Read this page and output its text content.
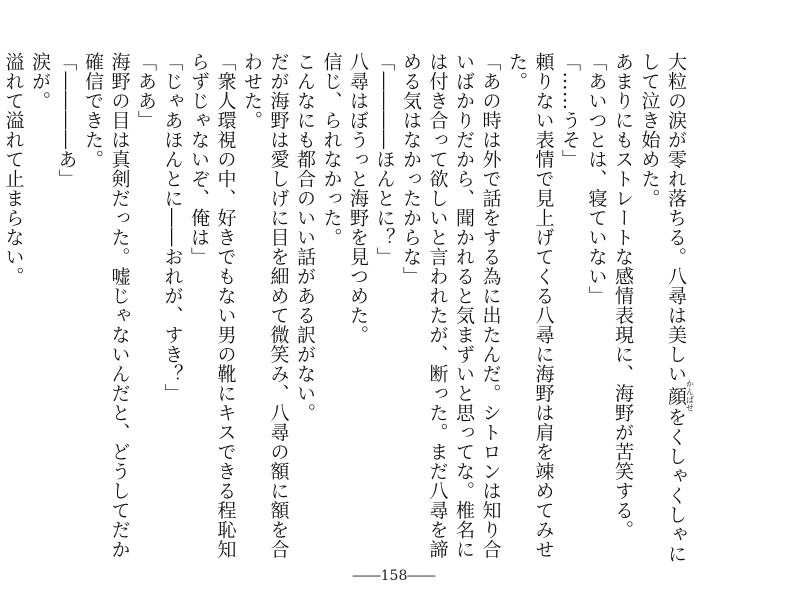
大粒の涙が零れ落ちる。八尋は美しい顔かんばせをくしゃくしゃにして泣き始めた。

あまりにもストレートな感情表現に、海野が苦笑する。

「あいつとは、寝ていない」

「……うそ」

頼りない表情で見上げてくる八尋に海野は肩を竦めてみせた。

「あの時は外で話をする為に出たんだ。シトロンは知り合いばかりだから、聞かれると気まずいと思ってな。椎名には付き合って欲しいと言われたが、断った。まだ八尋を諦める気はなかったからな」

「――――ほんとに？」

八尋はぼうっと海野を見つめた。

信じ、られなかった。

こんなにも都合のいい話がある訳がない。

だが海野は愛しげに目を細めて微笑み、八尋の額に額を合わせた。

「衆人環視の中、好きでもない男の靴にキスできる程恥知らずじゃないぞ、俺は」

「じゃあほんとに――おれが、すき？」

「ああ」

海野の目は真剣だった。嘘じゃないんだと、どうしてだか確信できた。

「――――あ」

涙が。

溢れて溢れて止まらない。

――158――
